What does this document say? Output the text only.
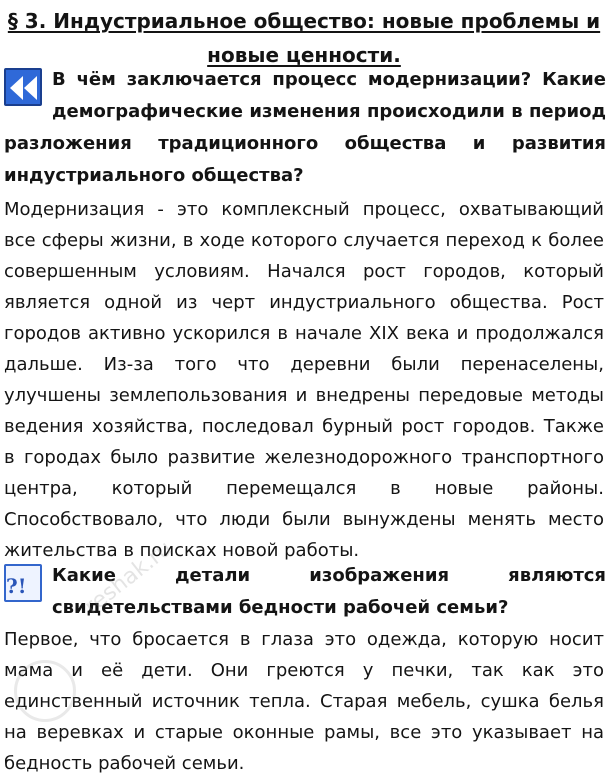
§ 3. Индустриальное общество: новые проблемы и новые ценности.

В чём заключается процесс модернизации? Какие демографические изменения происходили в период разложения традиционного общества и развития индустриального общества?

Модернизация - это комплексный процесс, охватывающий все сферы жизни, в ходе которого случается переход к более совершенным условиям. Начался рост городов, который является одной из черт индустриального общества. Рост городов активно ускорился в начале XIX века и продолжался дальше. Из-за того что деревни были перенаселены, улучшены землепользования и внедрены передовые методы ведения хозяйства, последовал бурный рост городов. Также в городах было развитие железнодорожного транспортного центра, который перемещался в новые районы. Способствовало, что люди были вынуждены менять место жительства в поисках новой работы.

?!	Какие детали изображения являются свидетельствами бедности рабочей семьи?

Первое, что бросается в глаза это одежда, которую носит мама и её дети. Они греются у печки, так как это единственный источник тепла. Старая мебель, сушка белья на веревках и старые оконные рамы, все это указывает на бедность рабочей семьи.

reshak.ru
